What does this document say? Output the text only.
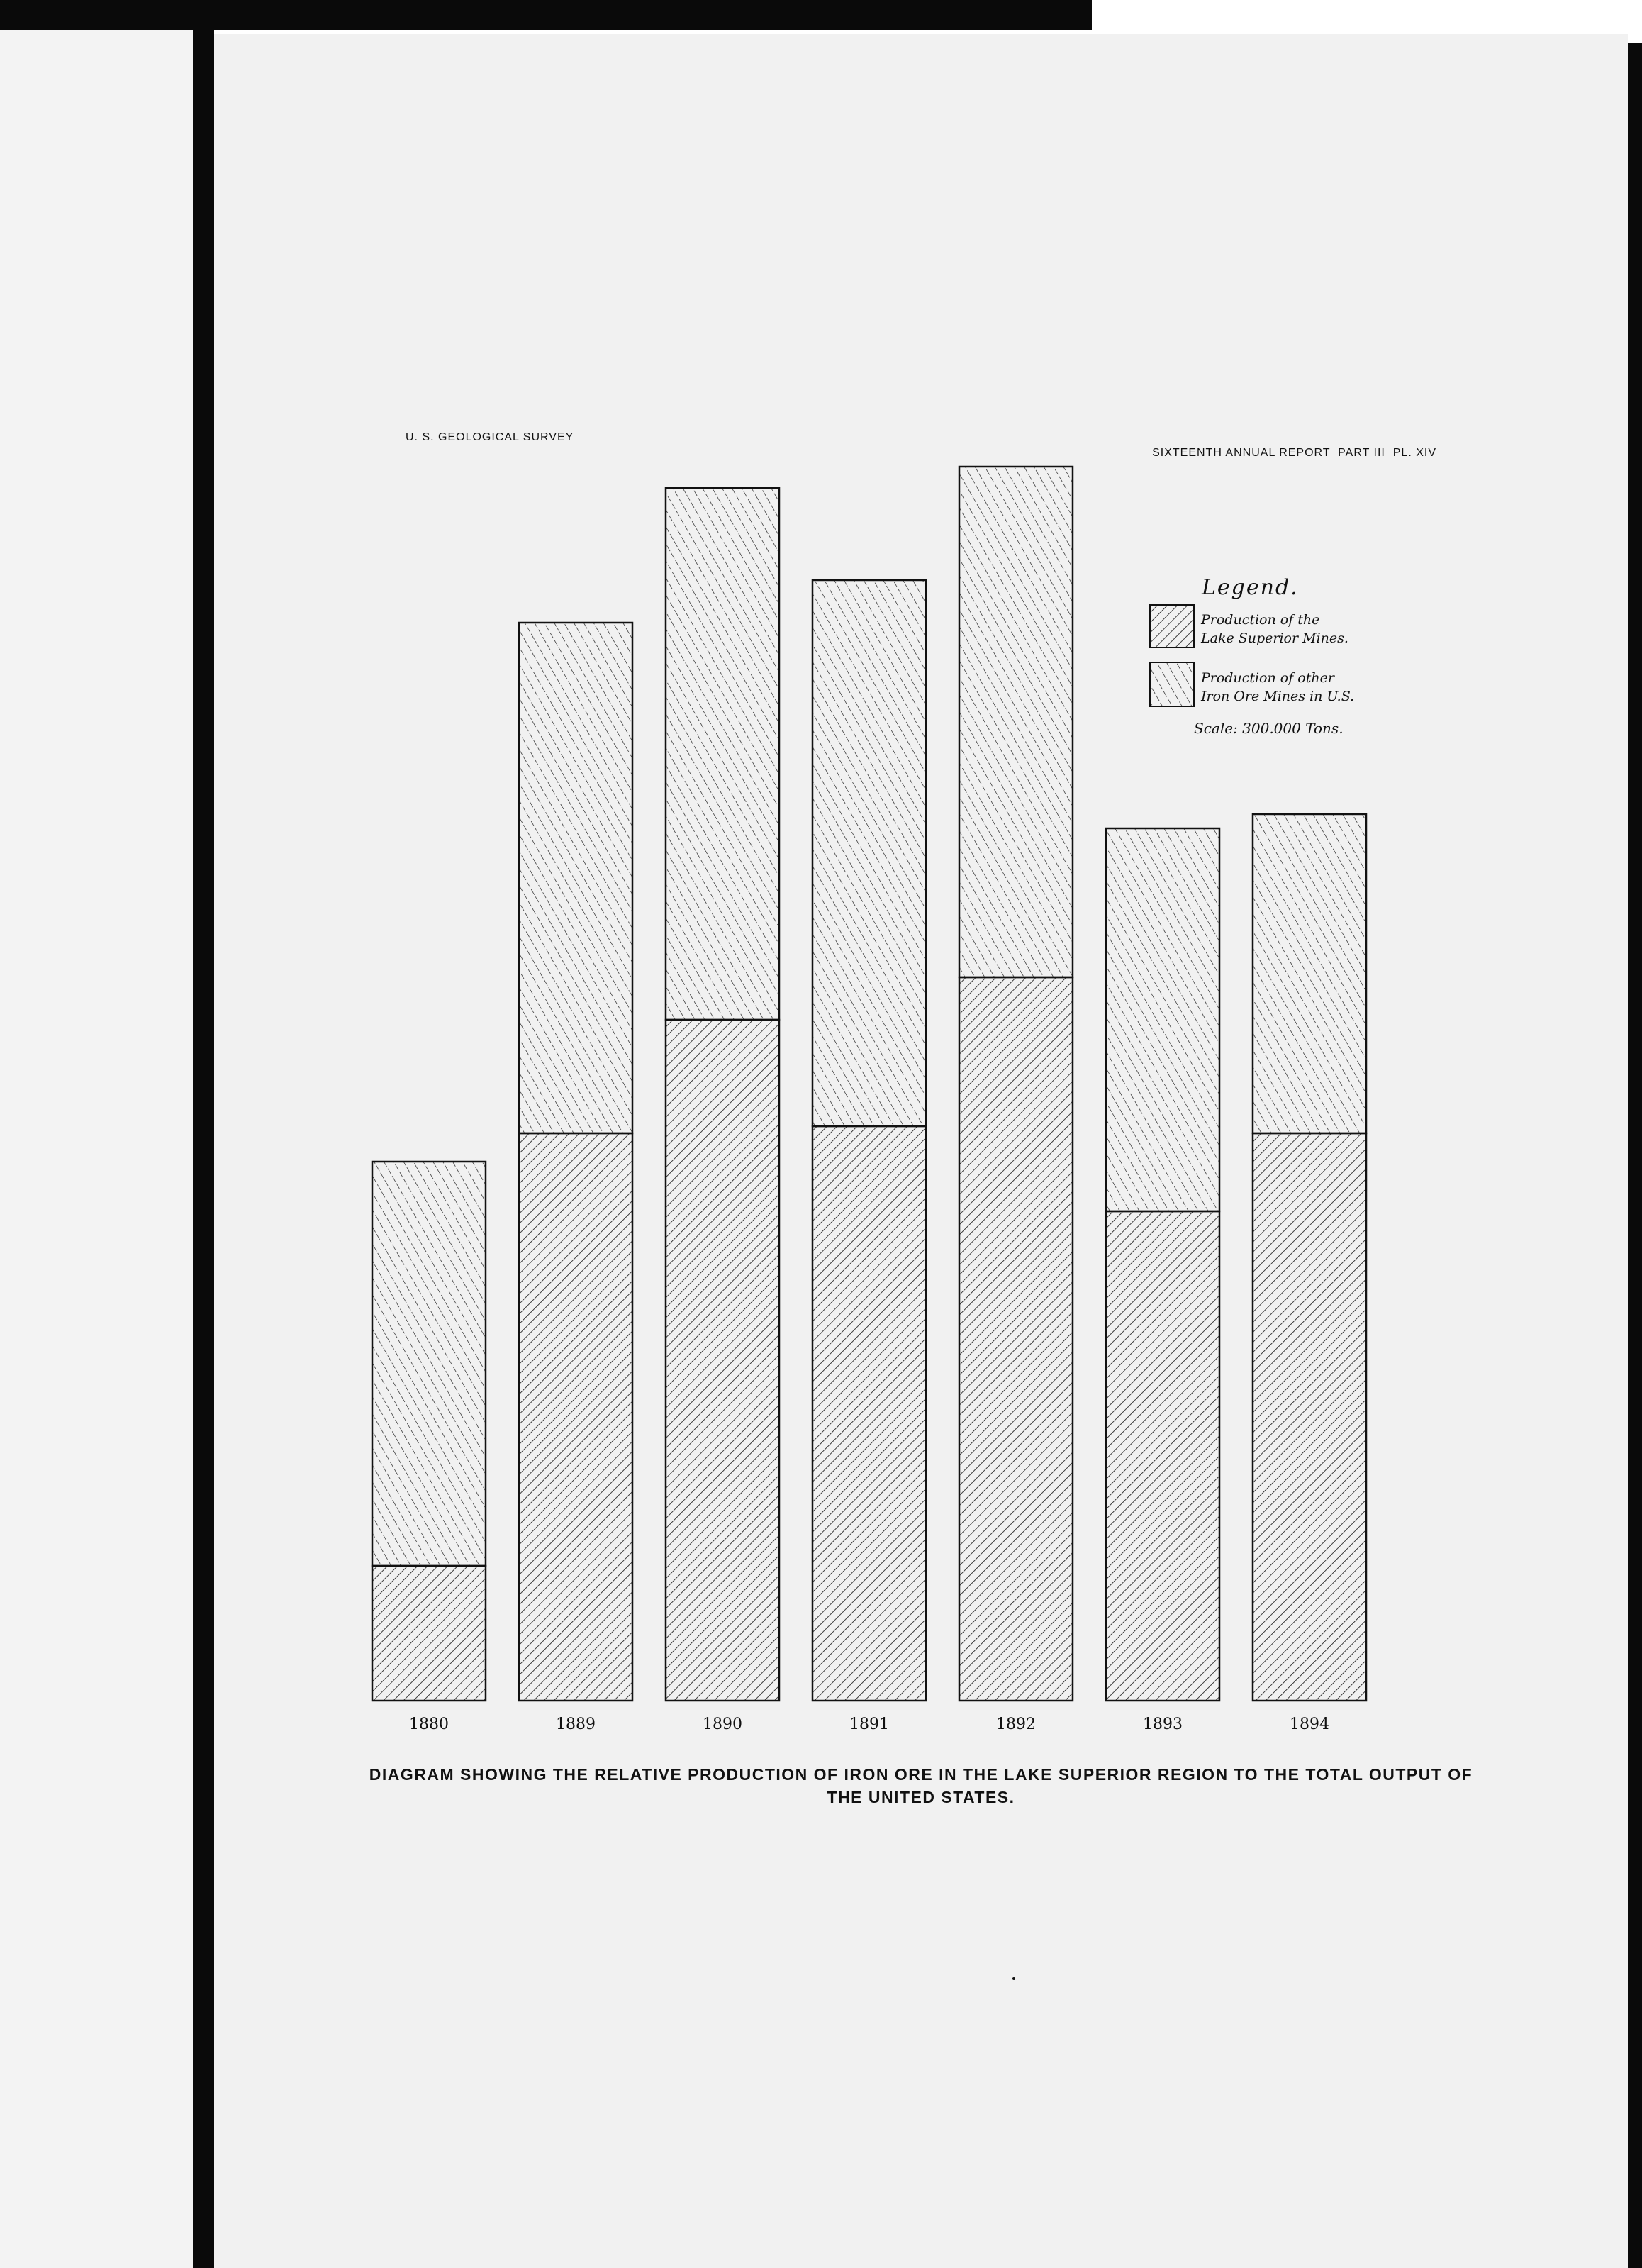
U. S. GEOLOGICAL SURVEY
SIXTEENTH ANNUAL REPORT  PART III  PL. XIV
1880	1889	1890	1891	1892	1893	1894
Legend.
Production of the
Lake Superior Mines.
Production of other
Iron Ore Mines in U.S.
Scale: 300.000 Tons.
DIAGRAM SHOWING THE RELATIVE PRODUCTION OF IRON ORE IN THE LAKE SUPERIOR REGION TO THE TOTAL OUTPUT OF THE UNITED STATES.
